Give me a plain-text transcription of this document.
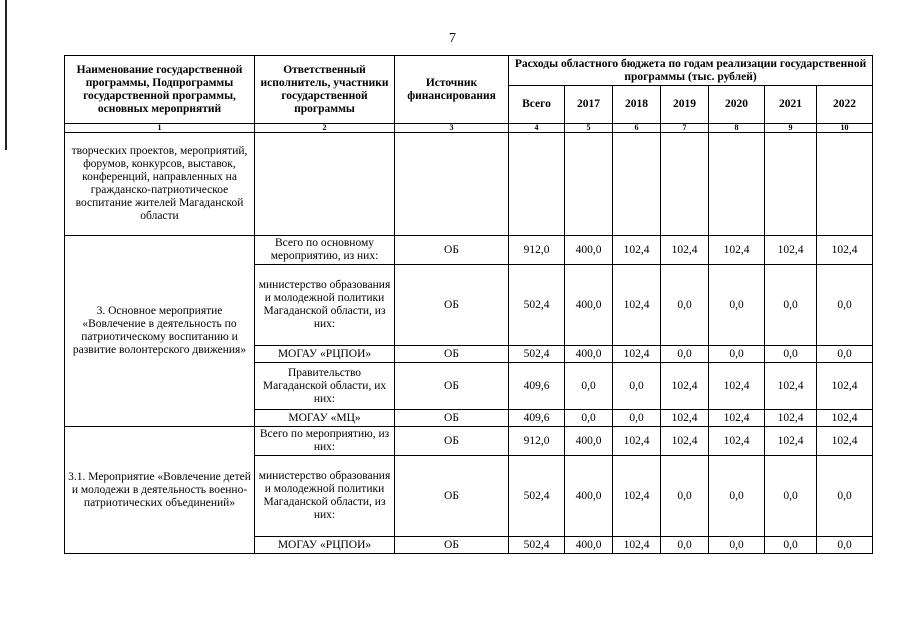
7
Наименование государственной программы, Подпрограммы государственной программы, основных мероприятий	Ответственный исполнитель, участники государственной программы	Источник финансирования	Расходы областного бюджета по годам реализации государственной программы (тыс. рублей)						
			Всего	2017	2018	2019	2020	2021	2022
1	2	3	4	5	6	7	8	9	10
творческих проектов, мероприятий, форумов, конкурсов, выставок, конференций, направленных на гражданско-патриотическое воспитание жителей Магаданской области									
3. Основное мероприятие «Вовлечение в деятельность по патриотическому воспитанию и развитие волонтерского движения»	Всего по основному мероприятию, из них:	ОБ	912,0	400,0	102,4	102,4	102,4	102,4	102,4
	министерство образования и молодежной политики Магаданской области, из них:	ОБ	502,4	400,0	102,4	0,0	0,0	0,0	0,0
	МОГАУ «РЦПОИ»	ОБ	502,4	400,0	102,4	0,0	0,0	0,0	0,0
	Правительство Магаданской области, их них:	ОБ	409,6	0,0	0,0	102,4	102,4	102,4	102,4
	МОГАУ «МЦ»	ОБ	409,6	0,0	0,0	102,4	102,4	102,4	102,4
3.1. Мероприятие «Вовлечение детей и молодежи в деятельность военно-патриотических объединений»	Всего по мероприятию, из них:	ОБ	912,0	400,0	102,4	102,4	102,4	102,4	102,4
	министерство образования и молодежной политики Магаданской области, из них:	ОБ	502,4	400,0	102,4	0,0	0,0	0,0	0,0
	МОГАУ «РЦПОИ»	ОБ	502,4	400,0	102,4	0,0	0,0	0,0	0,0
